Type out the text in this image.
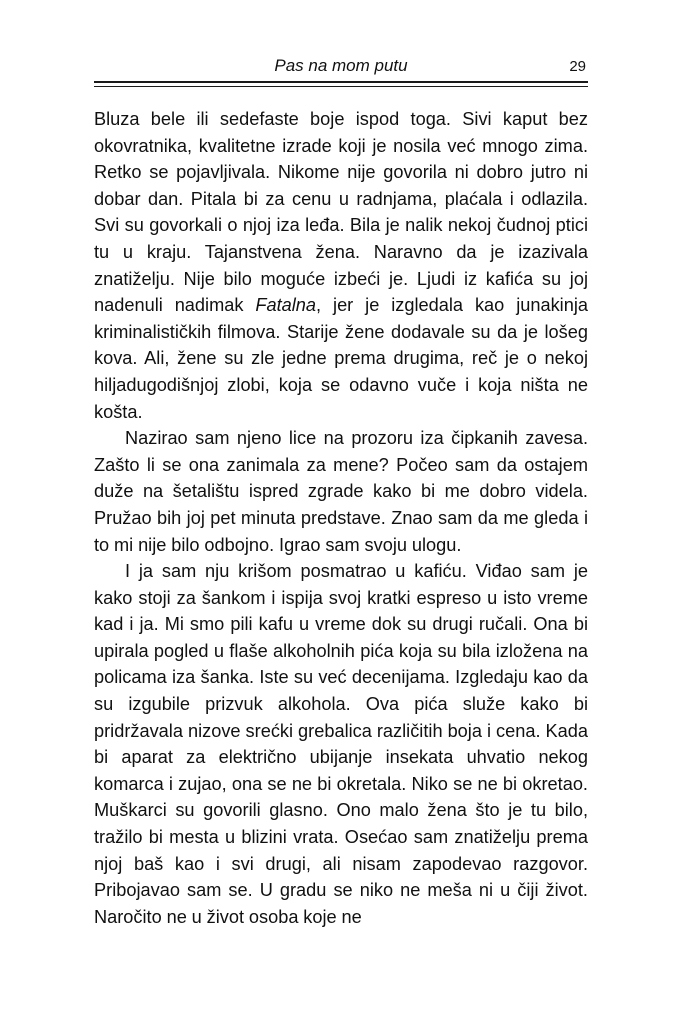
Pas na mom putu	29

Bluza bele ili sedefaste boje ispod toga. Sivi kaput bez okovratnika, kvalitetne izrade koji je nosila već mnogo zima. Retko se pojavljivala. Nikome nije govorila ni dobro jutro ni dobar dan. Pitala bi za cenu u radnjama, plaćala i odlazila. Svi su govorkali o njoj iza leđa. Bila je nalik nekoj čudnoj ptici tu u kraju. Tajanstvena žena. Naravno da je izazivala znatiželju. Nije bilo moguće izbeći je. Ljudi iz kafića su joj nadenuli nadimak Fatalna, jer je izgledala kao junakinja kriminalističkih filmova. Starije žene dodavale su da je lošeg kova. Ali, žene su zle jedne prema drugima, reč je o nekoj hiljadugodišnjoj zlobi, koja se odavno vuče i koja ništa ne košta.

Nazirao sam njeno lice na prozoru iza čipkanih zavesa. Zašto li se ona zanimala za mene? Počeo sam da ostajem duže na šetalištu ispred zgrade kako bi me dobro videla. Pružao bih joj pet minuta predstave. Znao sam da me gleda i to mi nije bilo odbojno. Igrao sam svoju ulogu.

I ja sam nju krišom posmatrao u kafiću. Viđao sam je kako stoji za šankom i ispija svoj kratki espreso u isto vreme kad i ja. Mi smo pili kafu u vreme dok su drugi ručali. Ona bi upirala pogled u flaše alkoholnih pića koja su bila izložena na policama iza šanka. Iste su već decenijama. Izgledaju kao da su izgubile prizvuk alkohola. Ova pića služe kako bi pridržavala nizove srećki grebalica različitih boja i cena. Kada bi aparat za električno ubijanje insekata uhvatio nekog komarca i zujao, ona se ne bi okretala. Niko se ne bi okretao. Muškarci su govorili glasno. Ono malo žena što je tu bilo, tražilo bi mesta u blizini vrata. Osećao sam znatiželju prema njoj baš kao i svi drugi, ali nisam zapodevao razgovor. Pribojavao sam se. U gradu se niko ne meša ni u čiji život. Naročito ne u život osoba koje ne
